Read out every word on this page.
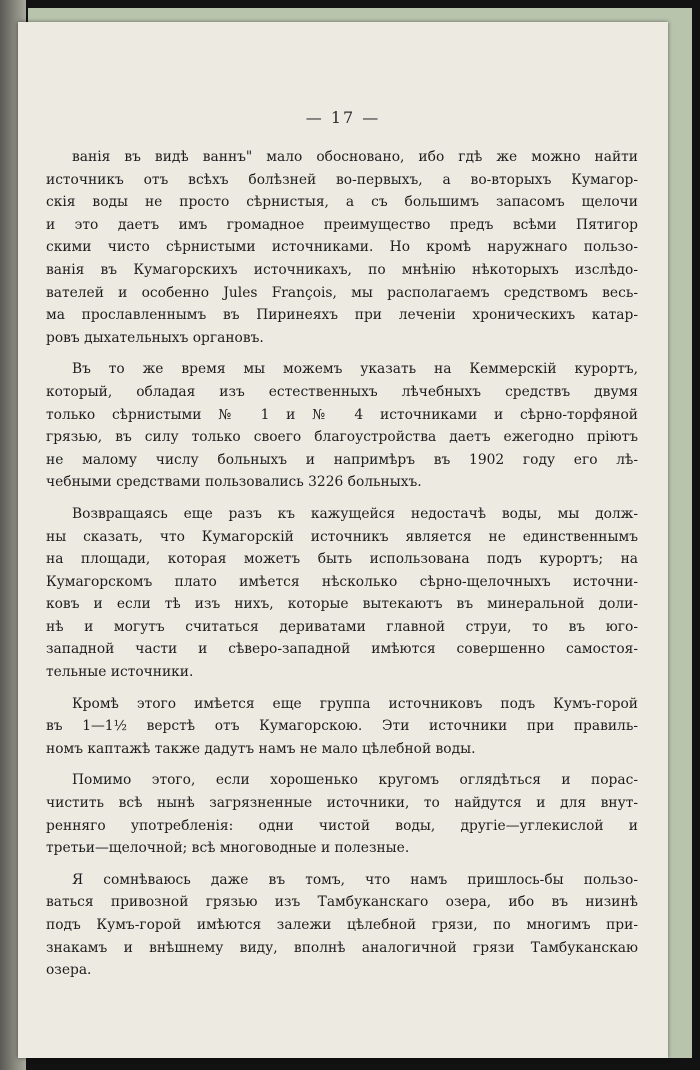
— 17 —
ванія въ видѣ ваннъ" мало обосновано, ибо гдѣ же можно найти
источникъ отъ всѣхъ болѣзней во-первыхъ, а во-вторыхъ Кумагор-
скія воды не просто сѣрнистыя, а съ большимъ запасомъ щелочи
и это даетъ имъ громадное преимущество предъ всѣми Пятигор
скими чисто сѣрнистыми источниками. Но кромѣ наружнаго пользо-
ванія въ Кумагорскихъ источникахъ, по мнѣнію нѣкоторыхъ изслѣдо-
вателей и особенно Jules François, мы располагаемъ средствомъ весь-
ма прославленнымъ въ Пиринеяхъ при леченіи хроническихъ катар-
ровъ дыхательныхъ органовъ.
Въ то же время мы можемъ указать на Кеммерскій курортъ,
который, обладая изъ естественныхъ лѣчебныхъ средствъ двумя
только сѣрнистыми № 1 и № 4 источниками и сѣрно-торфяной
грязью, въ силу только своего благоустройства даетъ ежегодно пріютъ
не малому числу больныхъ и напримѣръ въ 1902 году его лѣ-
чебными средствами пользовались 3226 больныхъ.
Возвращаясь еще разъ къ кажущейся недостачѣ воды, мы долж-
ны сказать, что Кумагорскій источникъ является не единственнымъ
на площади, которая можетъ быть использована подъ курортъ; на
Кумагорскомъ плато имѣется нѣсколько сѣрно-щелочныхъ источни-
ковъ и если тѣ изъ нихъ, которые вытекаютъ въ минеральной доли-
нѣ и могутъ считаться дериватами главной струи, то въ юго-
западной части и сѣверо-западной имѣются совершенно самостоя-
тельные источники.
Кромѣ этого имѣется еще группа источниковъ подъ Кумъ-горой
въ 1—1½ верстѣ отъ Кумагорскою. Эти источники при правиль-
номъ каптажѣ также дадутъ намъ не мало цѣлебной воды.
Помимо этого, если хорошенько кругомъ оглядѣться и порас-
чистить всѣ нынѣ загрязненные источники, то найдутся и для внут-
ренняго употребленія: одни чистой воды, другіе—углекислой и
третьи—щелочной; всѣ многоводные и полезные.
Я сомнѣваюсь даже въ томъ, что намъ пришлось-бы пользо-
ваться привозной грязью изъ Тамбуканскаго озера, ибо въ низинѣ
подъ Кумъ-горой имѣются залежи цѣлебной грязи, по многимъ при-
знакамъ и внѣшнему виду, вполнѣ аналогичной грязи Тамбуканскаю
озера.
